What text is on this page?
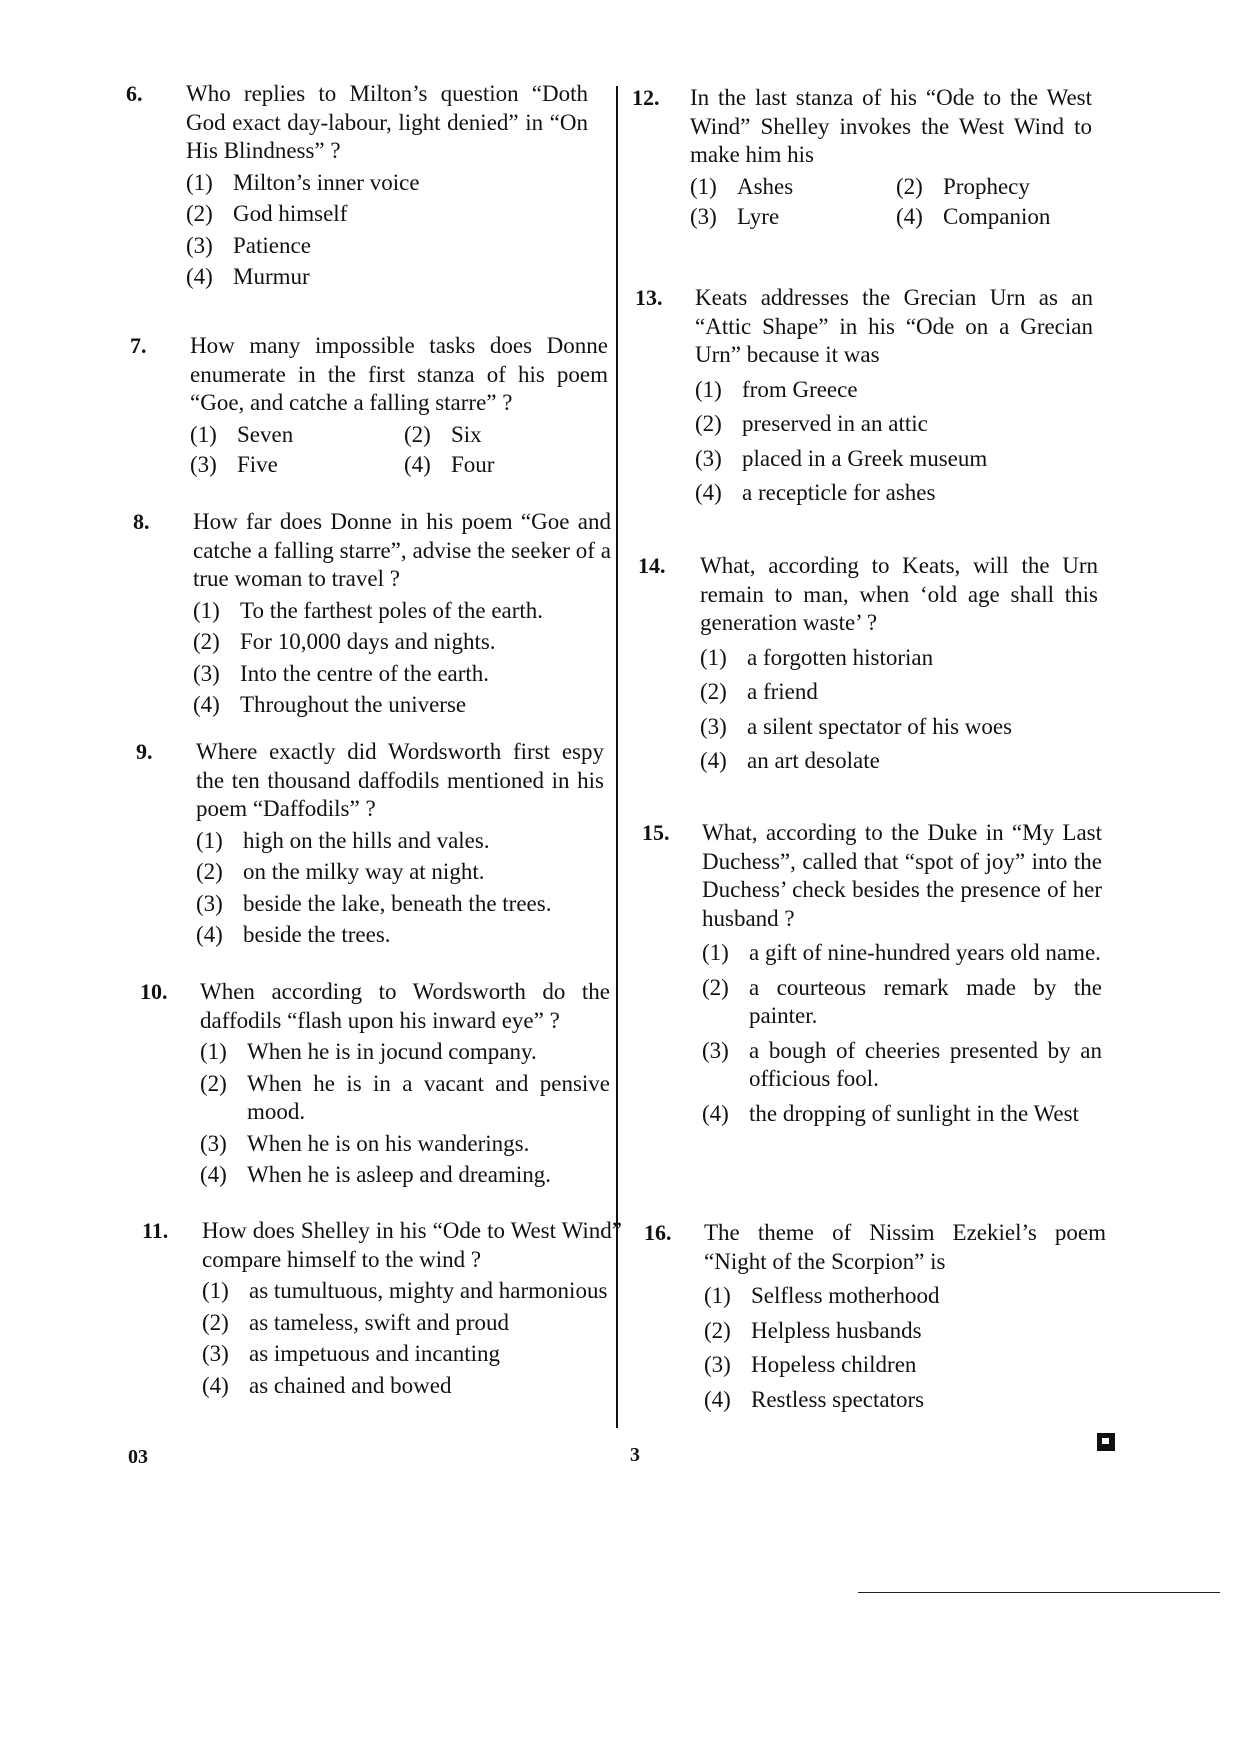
6. Who replies to Milton’s question “Doth God exact day-labour, light denied” in “On His Blindness” ?
(1) Milton’s inner voice
(2) God himself
(3) Patience
(4) Murmur
7. How many impossible tasks does Donne enumerate in the first stanza of his poem “Goe, and catche a falling starre” ?
(1) Seven	(2) Six
(3) Five	(4) Four
8. How far does Donne in his poem “Goe and catche a falling starre”, advise the seeker of a true woman to travel ?
(1) To the farthest poles of the earth.
(2) For 10,000 days and nights.
(3) Into the centre of the earth.
(4) Throughout the universe
9. Where exactly did Wordsworth first espy the ten thousand daffodils mentioned in his poem “Daffodils” ?
(1) high on the hills and vales.
(2) on the milky way at night.
(3) beside the lake, beneath the trees.
(4) beside the trees.
10. When according to Wordsworth do the daffodils “flash upon his inward eye” ?
(1) When he is in jocund company.
(2) When he is in a vacant and pensive mood.
(3) When he is on his wanderings.
(4) When he is asleep and dreaming.
11. How does Shelley in his “Ode to West Wind” compare himself to the wind ?
(1) as tumultuous, mighty and harmonious
(2) as tameless, swift and proud
(3) as impetuous and incanting
(4) as chained and bowed
12. In the last stanza of his “Ode to the West Wind” Shelley invokes the West Wind to make him his
(1) Ashes	(2) Prophecy
(3) Lyre	(4) Companion
13. Keats addresses the Grecian Urn as an “Attic Shape” in his “Ode on a Grecian Urn” because it was
(1) from Greece
(2) preserved in an attic
(3) placed in a Greek museum
(4) a recepticle for ashes
14. What, according to Keats, will the Urn remain to man, when ‘old age shall this generation waste’ ?
(1) a forgotten historian
(2) a friend
(3) a silent spectator of his woes
(4) an art desolate
15. What, according to the Duke in “My Last Duchess”, called that “spot of joy” into the Duchess’ check besides the presence of her husband ?
(1) a gift of nine-hundred years old name.
(2) a courteous remark made by the painter.
(3) a bough of cheeries presented by an officious fool.
(4) the dropping of sunlight in the West
16. The theme of Nissim Ezekiel’s poem “Night of the Scorpion” is
(1) Selfless motherhood
(2) Helpless husbands
(3) Hopeless children
(4) Restless spectators
03	3
